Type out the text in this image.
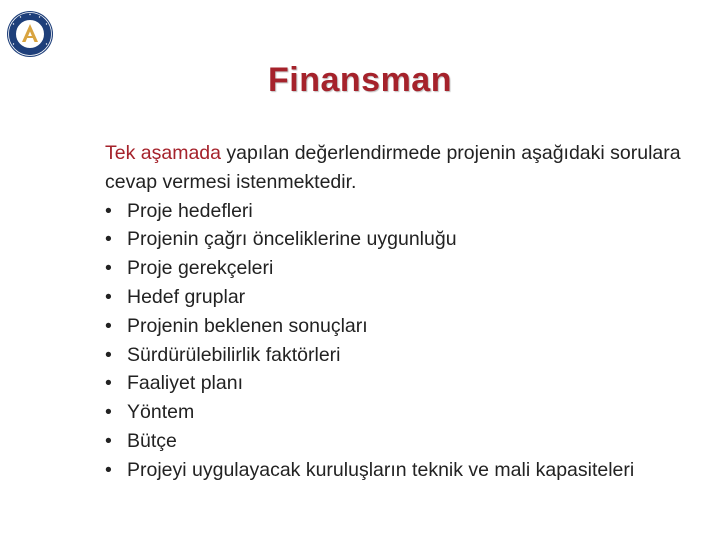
Finansman
Tek aşamada yapılan değerlendirmede projenin aşağıdaki sorulara cevap vermesi istenmektedir.
• Proje hedefleri
• Projenin çağrı önceliklerine uygunluğu
• Proje gerekçeleri
• Hedef gruplar
• Projenin beklenen sonuçları
• Sürdürülebilirlik faktörleri
• Faaliyet planı
• Yöntem
• Bütçe
• Projeyi uygulayacak kuruluşların teknik ve mali kapasiteleri
